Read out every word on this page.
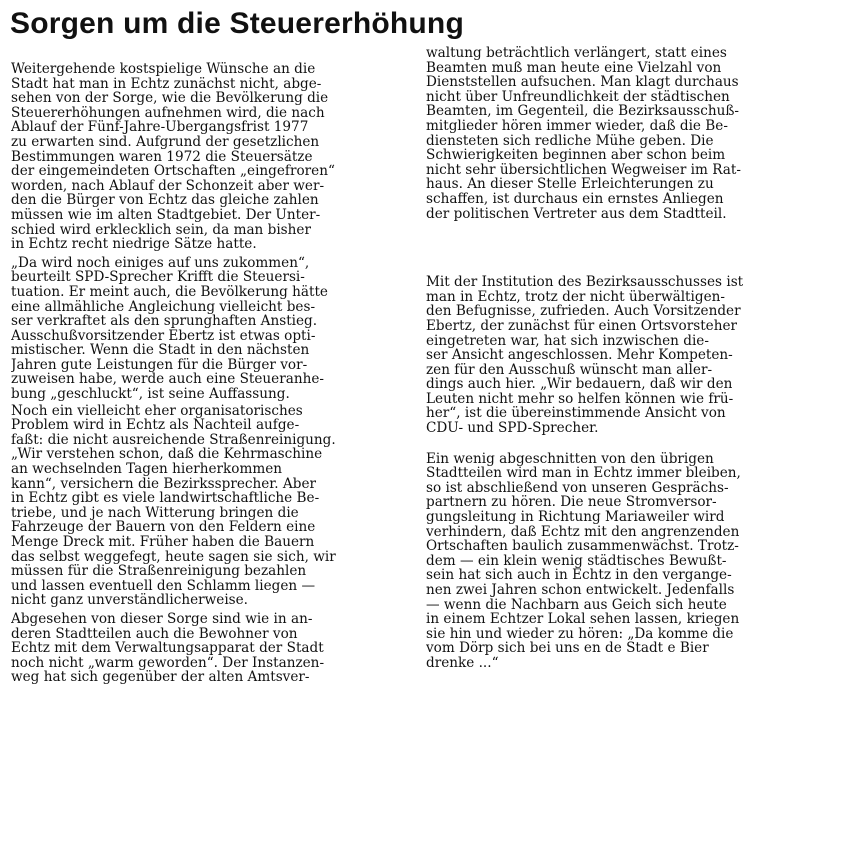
Sorgen um die Steuererhöhung
Weitergehende kostspielige Wünsche an die
Stadt hat man in Echtz zunächst nicht, abge-
sehen von der Sorge, wie die Bevölkerung die
Steuererhöhungen aufnehmen wird, die nach
Ablauf der Fünf-Jahre-Übergangsfrist 1977
zu erwarten sind. Aufgrund der gesetzlichen
Bestimmungen waren 1972 die Steuersätze
der eingemeindeten Ortschaften „eingefroren“
worden, nach Ablauf der Schonzeit aber wer-
den die Bürger von Echtz das gleiche zahlen
müssen wie im alten Stadtgebiet. Der Unter-
schied wird erklecklich sein, da man bisher
in Echtz recht niedrige Sätze hatte.
„Da wird noch einiges auf uns zukommen“,
beurteilt SPD-Sprecher Krifft die Steuersi-
tuation. Er meint auch, die Bevölkerung hätte
eine allmähliche Angleichung vielleicht bes-
ser verkraftet als den sprunghaften Anstieg.
Ausschußvorsitzender Ebertz ist etwas opti-
mistischer. Wenn die Stadt in den nächsten
Jahren gute Leistungen für die Bürger vor-
zuweisen habe, werde auch eine Steueranhe-
bung „geschluckt“, ist seine Auffassung.
Noch ein vielleicht eher organisatorisches
Problem wird in Echtz als Nachteil aufge-
faßt: die nicht ausreichende Straßenreinigung.
„Wir verstehen schon, daß die Kehrmaschine
an wechselnden Tagen hierherkommen
kann“, versichern die Bezirkssprecher. Aber
in Echtz gibt es viele landwirtschaftliche Be-
triebe, und je nach Witterung bringen die
Fahrzeuge der Bauern von den Feldern eine
Menge Dreck mit. Früher haben die Bauern
das selbst weggefegt, heute sagen sie sich, wir
müssen für die Straßenreinigung bezahlen
und lassen eventuell den Schlamm liegen —
nicht ganz unverständlicherweise.
Abgesehen von dieser Sorge sind wie in an-
deren Stadtteilen auch die Bewohner von
Echtz mit dem Verwaltungsapparat der Stadt
noch nicht „warm geworden“. Der Instanzen-
weg hat sich gegenüber der alten Amtsver-
waltung beträchtlich verlängert, statt eines
Beamten muß man heute eine Vielzahl von
Dienststellen aufsuchen. Man klagt durchaus
nicht über Unfreundlichkeit der städtischen
Beamten, im Gegenteil, die Bezirksausschuß-
mitglieder hören immer wieder, daß die Be-
diensteten sich redliche Mühe geben. Die
Schwierigkeiten beginnen aber schon beim
nicht sehr übersichtlichen Wegweiser im Rat-
haus. An dieser Stelle Erleichterungen zu
schaffen, ist durchaus ein ernstes Anliegen
der politischen Vertreter aus dem Stadtteil.
Mit der Institution des Bezirksausschusses ist
man in Echtz, trotz der nicht überwältigen-
den Befugnisse, zufrieden. Auch Vorsitzender
Ebertz, der zunächst für einen Ortsvorsteher
eingetreten war, hat sich inzwischen die-
ser Ansicht angeschlossen. Mehr Kompeten-
zen für den Ausschuß wünscht man aller-
dings auch hier. „Wir bedauern, daß wir den
Leuten nicht mehr so helfen können wie frü-
her“, ist die übereinstimmende Ansicht von
CDU- und SPD-Sprecher.
Ein wenig abgeschnitten von den übrigen
Stadtteilen wird man in Echtz immer bleiben,
so ist abschließend von unseren Gesprächs-
partnern zu hören. Die neue Stromversor-
gungsleitung in Richtung Mariaweiler wird
verhindern, daß Echtz mit den angrenzenden
Ortschaften baulich zusammenwächst. Trotz-
dem — ein klein wenig städtisches Bewußt-
sein hat sich auch in Echtz in den vergange-
nen zwei Jahren schon entwickelt. Jedenfalls
— wenn die Nachbarn aus Geich sich heute
in einem Echtzer Lokal sehen lassen, kriegen
sie hin und wieder zu hören: „Da komme die
vom Dörp sich bei uns en de Stadt e Bier
drenke ...“
